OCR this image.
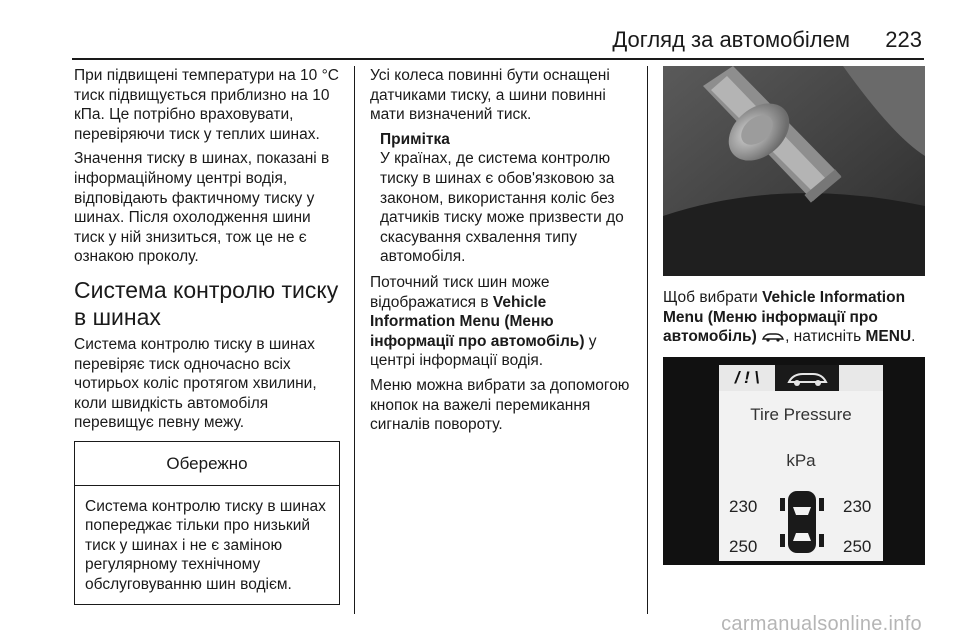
Догляд за автомобілем 223

При підвищені температури на 10 °C тиск підвищується приблизно на 10 кПа. Це потрібно враховувати, перевіряючи тиск у теплих шинах.

Значення тиску в шинах, показані в інформаційному центрі водія, відповідають фактичному тиску у шинах. Після охолодження шини тиск у ній знизиться, тож це не є ознакою проколу.

Система контролю тиску в шинах

Система контролю тиску в шинах перевіряє тиск одночасно всіх чотирьох коліс протягом хвилини, коли швидкість автомобіля перевищує певну межу.

Обережно
Система контролю тиску в шинах попереджає тільки про низький тиск у шинах і не є заміною регулярному технічному обслуговуванню шин водієм.

Усі колеса повинні бути оснащені датчиками тиску, а шини повинні мати визначений тиск.

Примітка
У країнах, де система контролю тиску в шинах є обов'язковою за законом, використання коліс без датчиків тиску може призвести до скасування схвалення типу автомобіля.

Поточний тиск шин може відображатися в Vehicle Information Menu (Меню інформації про автомобіль) у центрі інформації водія.

Меню можна вибрати за допомогою кнопок на важелі перемикання сигналів повороту.

Щоб вибрати Vehicle Information Menu (Меню інформації про автомобіль) , натисніть MENU.

/ ! \
Tire Pressure
kPa
230	230
250	250
carmanualsonline.info
